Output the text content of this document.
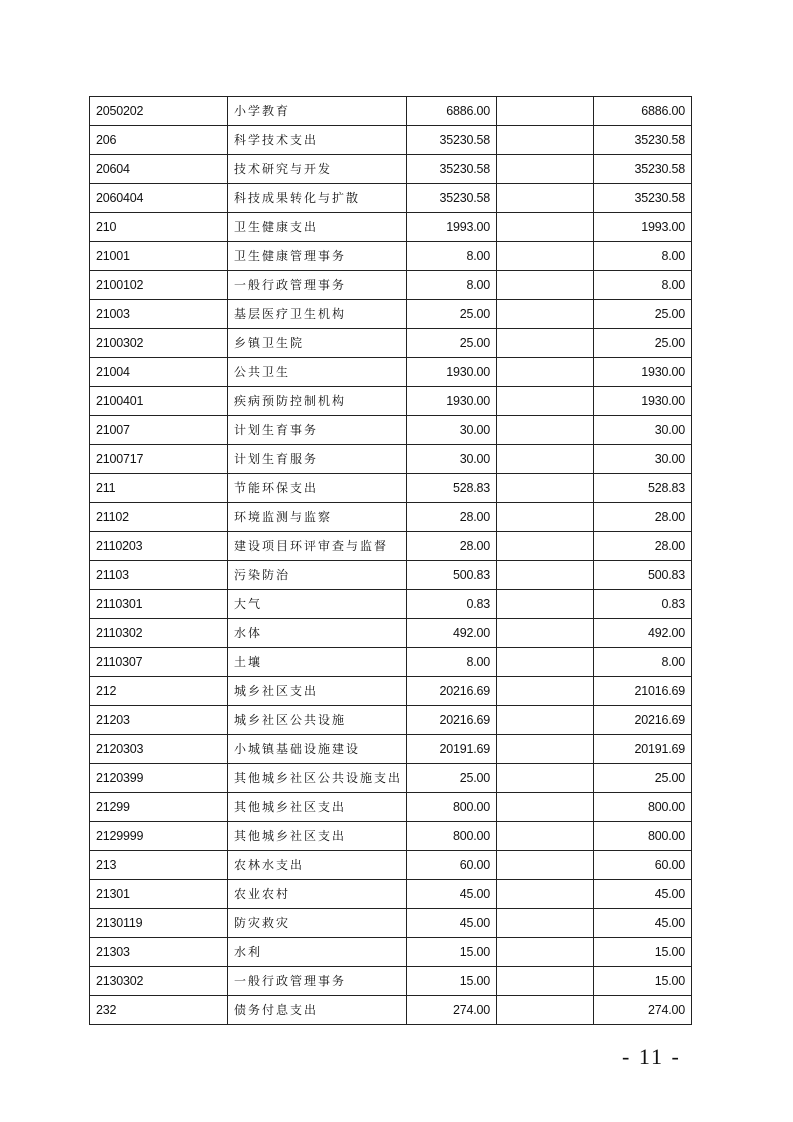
2050202	小学教育	6886.00		6886.00
206	科学技术支出	35230.58		35230.58
20604	技术研究与开发	35230.58		35230.58
2060404	科技成果转化与扩散	35230.58		35230.58
210	卫生健康支出	1993.00		1993.00
21001	卫生健康管理事务	8.00		8.00
2100102	一般行政管理事务	8.00		8.00
21003	基层医疗卫生机构	25.00		25.00
2100302	乡镇卫生院	25.00		25.00
21004	公共卫生	1930.00		1930.00
2100401	疾病预防控制机构	1930.00		1930.00
21007	计划生育事务	30.00		30.00
2100717	计划生育服务	30.00		30.00
211	节能环保支出	528.83		528.83
21102	环境监测与监察	28.00		28.00
2110203	建设项目环评审查与监督	28.00		28.00
21103	污染防治	500.83		500.83
2110301	大气	0.83		0.83
2110302	水体	492.00		492.00
2110307	土壤	8.00		8.00
212	城乡社区支出	20216.69		21016.69
21203	城乡社区公共设施	20216.69		20216.69
2120303	小城镇基础设施建设	20191.69		20191.69
2120399	其他城乡社区公共设施支出	25.00		25.00
21299	其他城乡社区支出	800.00		800.00
2129999	其他城乡社区支出	800.00		800.00
213	农林水支出	60.00		60.00
21301	农业农村	45.00		45.00
2130119	防灾救灾	45.00		45.00
21303	水利	15.00		15.00
2130302	一般行政管理事务	15.00		15.00
232	债务付息支出	274.00		274.00
- 11 -
